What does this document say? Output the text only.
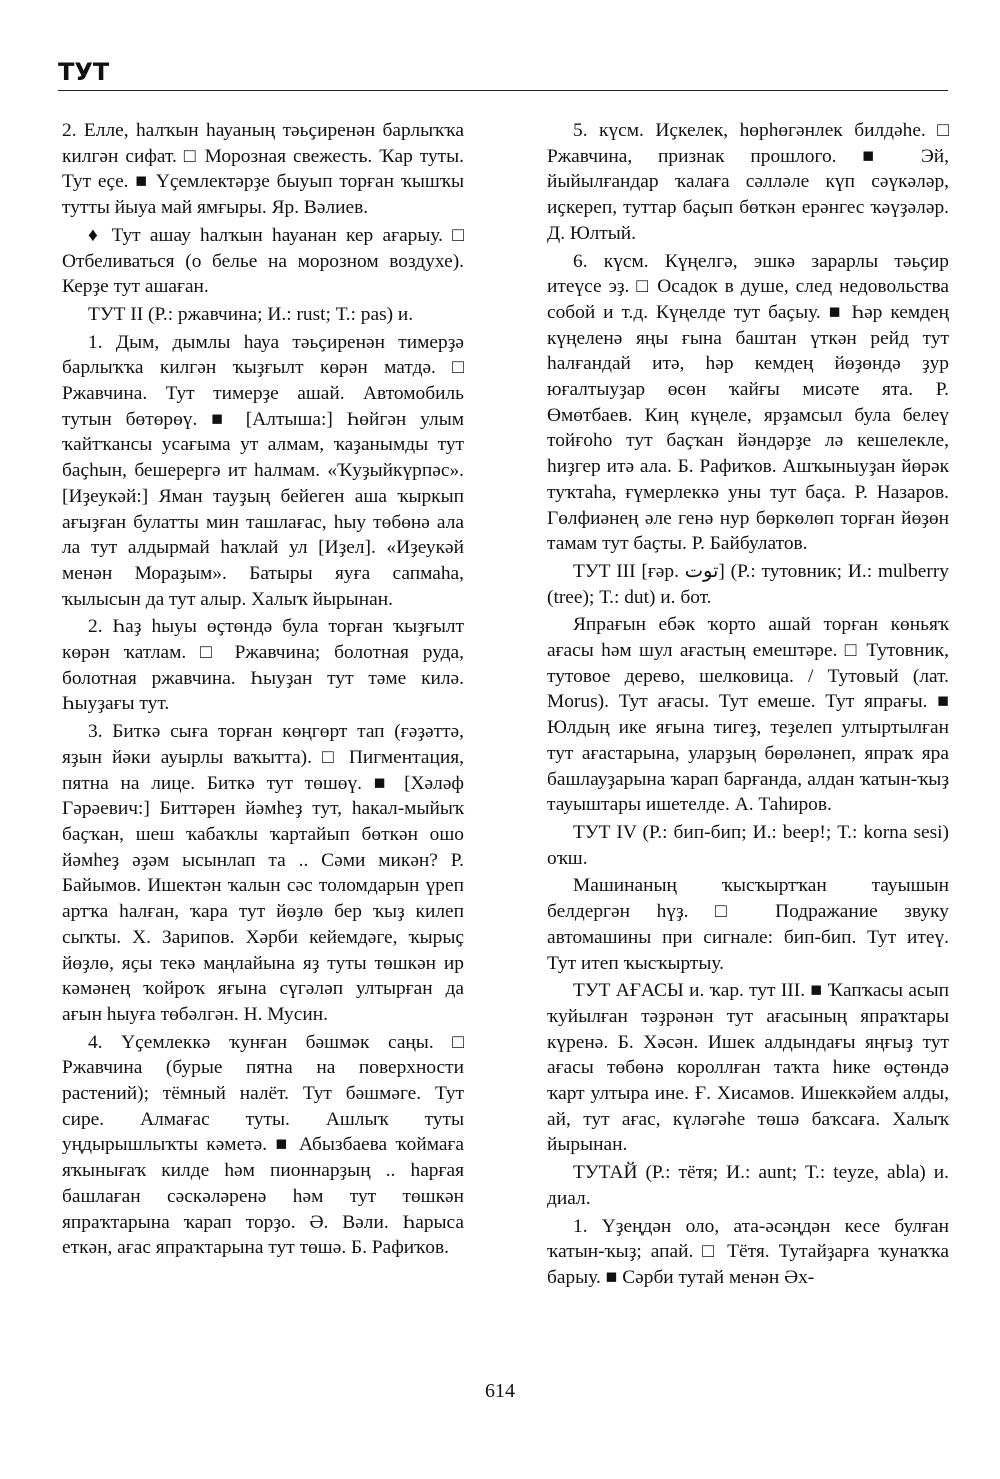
ТУТ

2. Елле, һалҡын һауаның тәьҫиренән барлыҡҡа килгән сифат. □ Морозная свежесть. Ҡар туты. Тут еҫе. ■ Үҫемлектәрҙе быуып торған ҡышҡы тутты йыуа май ямғыры. Яр. Вәлиев.

♦ Тут ашау һалҡын һауанан кер ағарыу. □ Отбеливаться (о белье на морозном воздухе). Керҙе тут ашаған.

ТУТ II (Р.: ржавчина; И.: rust; Т.: pas) и.

1. Дым, дымлы һауа тәьҫиренән тимерҙә барлыҡҡа килгән ҡыҙғылт көрән матдә. □ Ржавчина. Тут тимерҙе ашай. Автомобиль тутын бөтөрөү. ■ [Алтыша:] Һөйгән улым ҡайтҡансы усағыма ут алмам, ҡаҙанымды тут баҫһын, бешерергә ит һалмам. «Ҡуҙыйкүрпәс». [Иҙеукәй:] Яман тауҙың бейеген аша ҡыркып ағыҙған булатты мин ташлағас, һыу төбөнә ала ла тут алдырмай һаҡлай ул [Иҙел]. «Иҙеукәй менән Мораҙым». Батыры яуға сапмаһа, ҡылысын да тут алыр. Халыҡ йырынан.

2. Һаҙ һыуы өҫтөндә була торған ҡыҙғылт көрән ҡатлам. □ Ржавчина; болотная руда, болотная ржавчина. Һыуҙан тут тәме килә. Һыуҙағы тут.

3. Биткә сыға торған көңгөрт тап (ғәҙәттә, яҙын йәки ауырлы ваҡытта). □ Пигментация, пятна на лице. Биткә тут төшөү. ■ [Хәләф Гәрәевич:] Биттәрен йәмһеҙ тут, һакал-мыйыҡ баҫҡан, шеш ҡабаҡлы ҡартайып бөткән ошо йәмһеҙ әҙәм ысынлап та .. Сәми микән? Р. Байымов. Ишектән ҡалын сәс толомдарын үреп артҡа һалған, ҡара тут йөҙлө бер ҡыҙ килеп сыҡты. Х. Зарипов. Хәрби кейемдәге, ҡырыҫ йөҙлө, яҫы текә маңлайына яҙ туты төшкән ир кәмәнең ҡойроҡ яғына сүгәләп ултырған да ағын һыуға төбәлгән. Н. Мусин.

4. Үҫемлеккә ҡунған бәшмәк саңы. □ Ржавчина (бурые пятна на поверхности растений); тёмный налёт. Тут бәшмәге. Тут сире. Алмағас туты. Ашлыҡ туты уңдырышлыҡты кәметә. ■ Абызбаева ҡоймаға яҡынығаҡ килде һәм пионнарҙың .. һарғая башлаған сәскәләренә һәм тут төшкән япраҡтарына ҡарап торҙо. Ә. Вәли. Һарыса еткән, ағас япраҡтарына тут төшә. Б. Рафиҡов.

5. күсм. Иҫкелек, һөрһөгәнлек билдәһе. □ Ржавчина, признак прошлого. ■ Эй, йыйылғандар ҡалаға сәлләле күп сәүкәләр, иҫкереп, туттар баҫып бөткән ерәнгес ҡәүҙәләр. Д. Юлтый.

6. күсм. Күңелгә, эшкә зарарлы тәьҫир итеүсе эҙ. □ Осадок в душе, след недовольства собой и т.д. Күңелде тут баҫыу. ■ Һәр кемдең күңеленә яңы ғына баштан үткән рейд тут һалғандай итә, һәр кемдең йөҙөндә ҙур юғалтыуҙар өсөн ҡайғы мисәте ята. Р. Өмөтбаев. Киң күңеле, ярҙамсыл була белеү тойғоһо тут баҫҡан йәндәрҙе лә кешелекле, һиҙгер итә ала. Б. Рафиҡов. Ашҡыныуҙан йөрәк туҡтаһа, ғүмерлеккә уны тут баҫа. Р. Назаров. Гөлфиәнең әле генә нур бөркөлөп торған йөҙөн тамам тут баҫты. Р. Байбулатов.

ТУТ III [ғәр. توت] (Р.: тутовник; И.: mulberry (tree); Т.: dut) и. бот.

Япрағын ебәк ҡорто ашай торған көньяҡ ағасы һәм шул ағастың емештәре. □ Тутовник, тутовое дерево, шелковица. / Тутовый (лат. Morus). Тут ағасы. Тут емеше. Тут япрағы. ■ Юлдың ике яғына тигеҙ, теҙелеп ултыртылған тут ағастарына, уларҙың бөрөләнеп, япраҡ яра башлауҙарына ҡарап барғанда, алдан ҡатын-ҡыҙ тауыштары ишетелде. А. Таһиров.

ТУТ IV (Р.: бип-бип; И.: beep!; Т.: korna sesi) оҡш.

Машинаның ҡысҡыртҡан тауышын белдергән һүҙ. □ Подражание звуку автомашины при сигнале: бип-бип. Тут итеү. Тут итеп ҡысҡыртыу.

ТУТ АҒАСЫ и. ҡар. тут III. ■ Ҡапҡасы асып ҡуйылған тәҙрәнән тут ағасының япраҡтары күренә. Б. Хәсән. Ишек алдындағы яңғыҙ тут ағасы төбөнә короллған таҡта һике өҫтөндә ҡарт ултыра ине. Ғ. Хисамов. Ишеккәйем алды, ай, тут ағас, күләгәһе төшә баҡсаға. Халыҡ йырынан.

ТУТАЙ (Р.: тётя; И.: aunt; Т.: teyze, abla) и. диал.

1. Үҙеңдән оло, ата-әсәңдән кесе булған ҡатын-ҡыҙ; апай. □ Тётя. Тутайҙарға ҡунаҡҡа барыу. ■ Сәрби тутай менән Әх-

614
